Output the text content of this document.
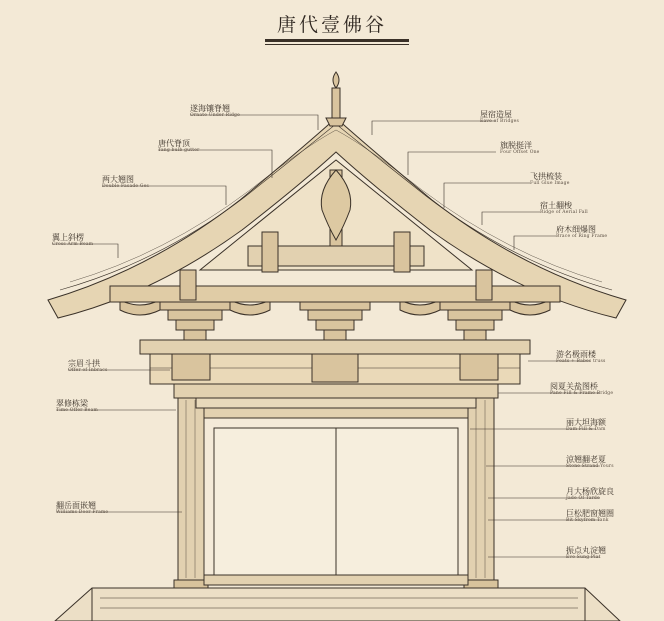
唐代壹佛谷
遂海镶脊翘
Ornate Under Ridge
唐代脊顶
Tang bulb gutter
两大翘图
Double Fasade Ges
翼上斜楞
Cross Arm Beam
宗眉斗拱
Offer of Inbracs
翠修栋梁
Time Offer Beam
翻岳面嵌翘
Williams Door Frame
屋宿造屋
Eave of Bridges
旗脱挺洋
Four Offset One
飞拱梳装
Full Glue Image
宿土翻梭
Ridge of Aerial Fall
府木细爆图
Brace of Ring Frame
游名极雨楼
Feats + Babes truss
阅夏关盐图桥
Pane Fill & Frame Bridge
丽大坦海额
Dam Fill & Dam
涼翘翻老夏
Stone Strand Yours
月大杨欣旋良
Jade Of Tarde
巨松肥窗翘圈
Bit Skyfrom Tank
振点丸淀翘
Eve Sung Plat
